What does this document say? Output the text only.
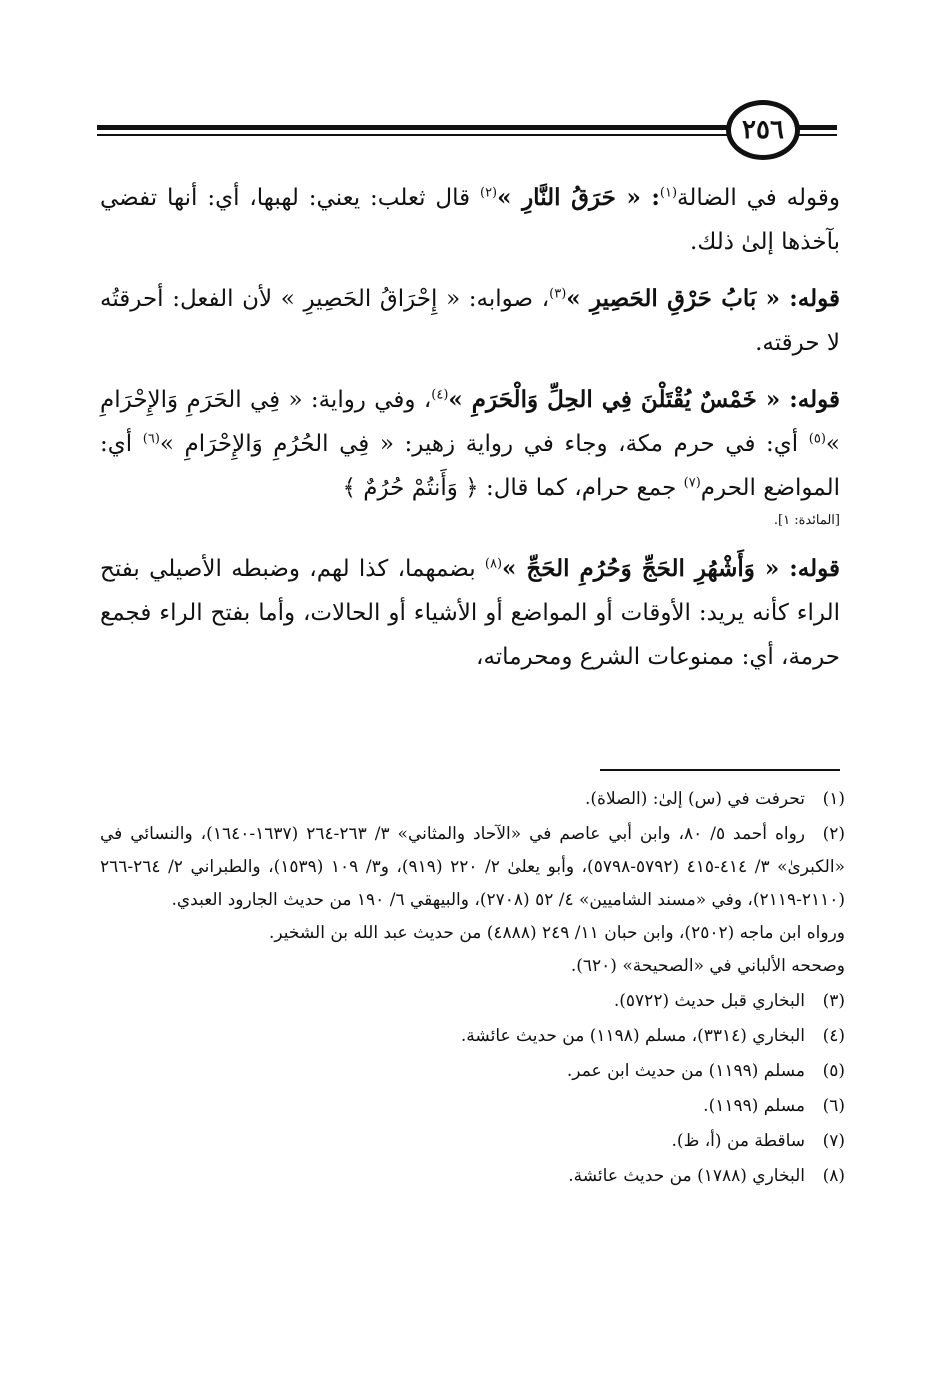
٢٥٦

وقوله في الضالة$^{(١)}$: « حَرَقُ النَّارِ »$^{(٢)}$ قال ثعلب: يعني: لهبها، أي: أنها تفضي بآخذها إلىٰ ذلك.

قوله: « بَابُ حَرْقِ الحَصِيرِ »$^{(٣)}$، صوابه: « إِحْرَاقُ الحَصِيرِ » لأن الفعل: أحرقتُه لا حرقته.

قوله: « خَمْسٌ يُقْتَلْنَ فِي الحِلِّ وَالْحَرَمِ »$^{(٤)}$، وفي رواية: « فِي الحَرَمِ وَالإِحْرَامِ »$^{(٥)}$ أي: في حرم مكة، وجاء في رواية زهير: « فِي الحُرُمِ وَالإِحْرَامِ »$^{(٦)}$ أي: المواضع الحرم$^{(٧)}$ جمع حرام، كما قال: ﴿ وَأَنتُمْ حُرُمٌ ﴾
[المائدة: ١].

قوله: « وَأَشْهُرِ الحَجِّ وَحُرُمِ الحَجِّ »$^{(٨)}$ بضمهما، كذا لهم، وضبطه الأصيلي بفتح الراء كأنه يريد: الأوقات أو المواضع أو الأشياء أو الحالات، وأما بفتح الراء فجمع حرمة، أي: ممنوعات الشرع ومحرماته،

(١)تحرفت في (س) إلىٰ: (الصلاة).
(٢)رواه أحمد ٥/ ٨٠، وابن أبي عاصم في «الآحاد والمثاني» ٣/ ٢٦٣-٢٦٤ (١٦٣٧-١٦٤٠)، والنسائي في «الكبرىٰ» ٣/ ٤١٤-٤١٥ (٥٧٩٢-٥٧٩٨)، وأبو يعلىٰ ٢/ ٢٢٠ (٩١٩)، و٣/ ١٠٩ (١٥٣٩)، والطبراني ٢/ ٢٦٤-٢٦٦ (٢١١٠-٢١١٩)، وفي «مسند الشاميين» ٤/ ٥٢ (٢٧٠٨)، والبيهقي ٦/ ١٩٠ من حديث الجارود العبدي.
ورواه ابن ماجه (٢٥٠٢)، وابن حبان ١١/ ٢٤٩ (٤٨٨٨) من حديث عبد الله بن الشخير.
وصححه الألباني في «الصحيحة» (٦٢٠).
(٣)البخاري قبل حديث (٥٧٢٢).
(٤)البخاري (٣٣١٤)، مسلم (١١٩٨) من حديث عائشة.
(٥)مسلم (١١٩٩) من حديث ابن عمر.
(٦)مسلم (١١٩٩).
(٧)ساقطة من (أ، ظ).
(٨)البخاري (١٧٨٨) من حديث عائشة.
